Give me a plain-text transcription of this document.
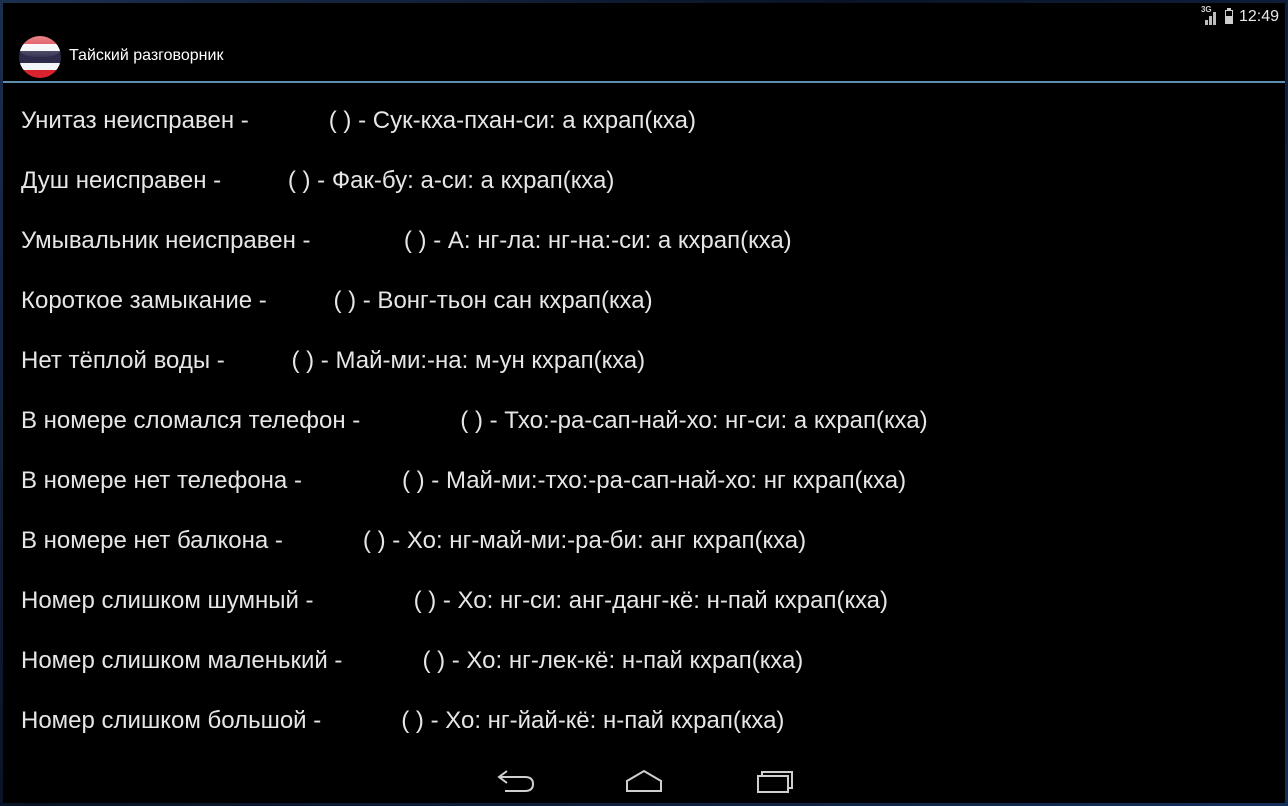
3G 12:49
Тайский разговорник
Унитаз неисправен -	( ) - Сук-кха-пхан-си: а кхрап(кха)
Душ неисправен -	( ) - Фак-бу: а-си: а кхрап(кха)
Умывальник неисправен -	( ) - А: нг-ла: нг-на:-си: а кхрап(кха)
Короткое замыкание -	( ) - Вонг-тьон сан кхрап(кха)
Нет тёплой воды -	( ) - Май-ми:-на: м-ун кхрап(кха)
В номере сломался телефон -	( ) - Тхо:-ра-сап-най-хо: нг-си: а кхрап(кха)
В номере нет телефона -	( ) - Май-ми:-тхо:-ра-сап-най-хо: нг кхрап(кха)
В номере нет балкона -	( ) - Хо: нг-май-ми:-ра-би: анг кхрап(кха)
Номер слишком шумный -	( ) - Хо: нг-си: анг-данг-кё: н-пай кхрап(кха)
Номер слишком маленький -	( ) - Хо: нг-лек-кё: н-пай кхрап(кха)
Номер слишком большой -	( ) - Хо: нг-йай-кё: н-пай кхрап(кха)
